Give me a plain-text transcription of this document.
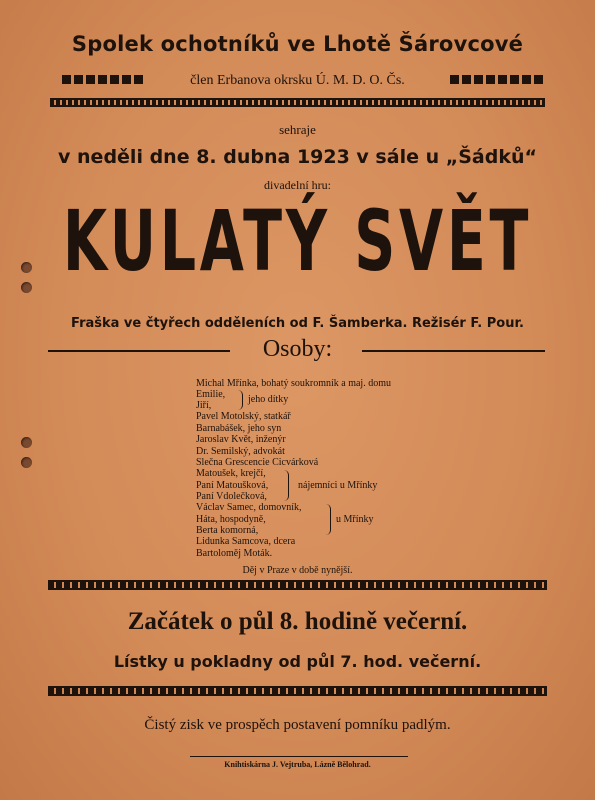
Spolek ochotníků ve Lhotě Šárovcové
člen Erbanova okrsku Ú. M. D. O. Čs.
sehraje
v neděli dne 8. dubna 1923 v sále u „Šádků“
divadelní hru:
KULATÝ SVĚT
Fraška ve čtyřech odděleních od F. Šamberka. Režisér F. Pour.
Osoby:
Michal Mřínka, bohatý soukromník a maj. domu
Emilie,
Jiří,
Pavel Motolský, statkář
Barnabášek, jeho syn
Jaroslav Květ, inženýr
Dr. Semilský, advokát
Slečna Grescencie Cicvárková
Matoušek, krejčí,
Paní Matoušková,
Paní Vdolečková,
Václav Samec, domovník,
Háta, hospodyně,
Berta komorná,
Lidunka Samcova, dcera
Bartoloměj Moták.
jeho dítky
nájemníci u Mřínky
u Mřínky
Děj v Praze v době nynější.
Začátek o půl 8. hodině večerní.
Lístky u pokladny od půl 7. hod. večerní.
Čistý zisk ve prospěch postavení pomníku padlým.
Knihtiskárna J. Vejtruba, Lázně Bělohrad.
